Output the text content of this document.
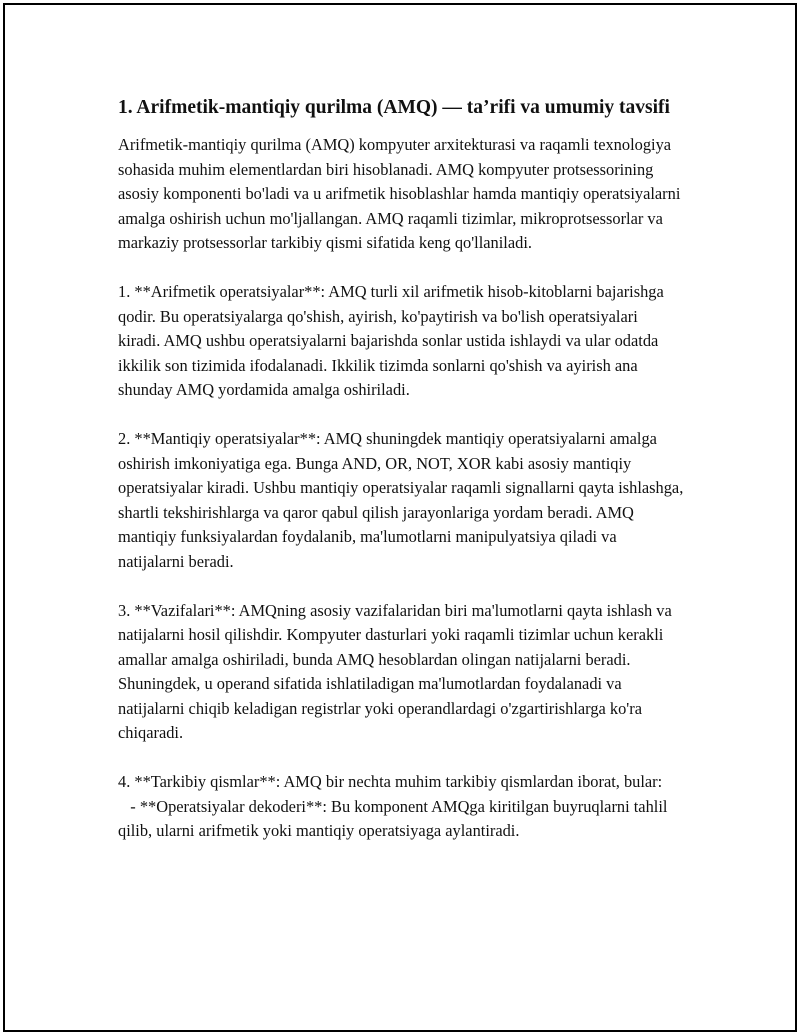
1. Arifmetik-mantiqiy qurilma (AMQ) — ta’rifi va umumiy tavsifi

Arifmetik-mantiqiy qurilma (AMQ) kompyuter arxitekturasi va raqamli texnologiya sohasida muhim elementlardan biri hisoblanadi. AMQ kompyuter protsessorining asosiy komponenti bo'ladi va u arifmetik hisoblashlar hamda mantiqiy operatsiyalarni amalga oshirish uchun mo'ljallangan. AMQ raqamli tizimlar, mikroprotsessorlar va markaziy protsessorlar tarkibiy qismi sifatida keng qo'llaniladi.

1. **Arifmetik operatsiyalar**: AMQ turli xil arifmetik hisob-kitoblarni bajarishga qodir. Bu operatsiyalarga qo'shish, ayirish, ko'paytirish va bo'lish operatsiyalari kiradi. AMQ ushbu operatsiyalarni bajarishda sonlar ustida ishlaydi va ular odatda ikkilik son tizimida ifodalanadi. Ikkilik tizimda sonlarni qo'shish va ayirish ana shunday AMQ yordamida amalga oshiriladi.

2. **Mantiqiy operatsiyalar**: AMQ shuningdek mantiqiy operatsiyalarni amalga oshirish imkoniyatiga ega. Bunga AND, OR, NOT, XOR kabi asosiy mantiqiy operatsiyalar kiradi. Ushbu mantiqiy operatsiyalar raqamli signallarni qayta ishlashga, shartli tekshirishlarga va qaror qabul qilish jarayonlariga yordam beradi. AMQ mantiqiy funksiyalardan foydalanib, ma'lumotlarni manipulyatsiya qiladi va natijalarni beradi.

3. **Vazifalari**: AMQning asosiy vazifalaridan biri ma'lumotlarni qayta ishlash va natijalarni hosil qilishdir. Kompyuter dasturlari yoki raqamli tizimlar uchun kerakli amallar amalga oshiriladi, bunda AMQ hesoblardan olingan natijalarni beradi. Shuningdek, u operand sifatida ishlatiladigan ma'lumotlardan foydalanadi va natijalarni chiqib keladigan registrlar yoki operandlardagi o'zgartirishlarga ko'ra chiqaradi.

4. **Tarkibiy qismlar**: AMQ bir nechta muhim tarkibiy qismlardan iborat, bular:
- **Operatsiyalar dekoderi**: Bu komponent AMQga kiritilgan buyruqlarni tahlil qilib, ularni arifmetik yoki mantiqiy operatsiyaga aylantiradi.
